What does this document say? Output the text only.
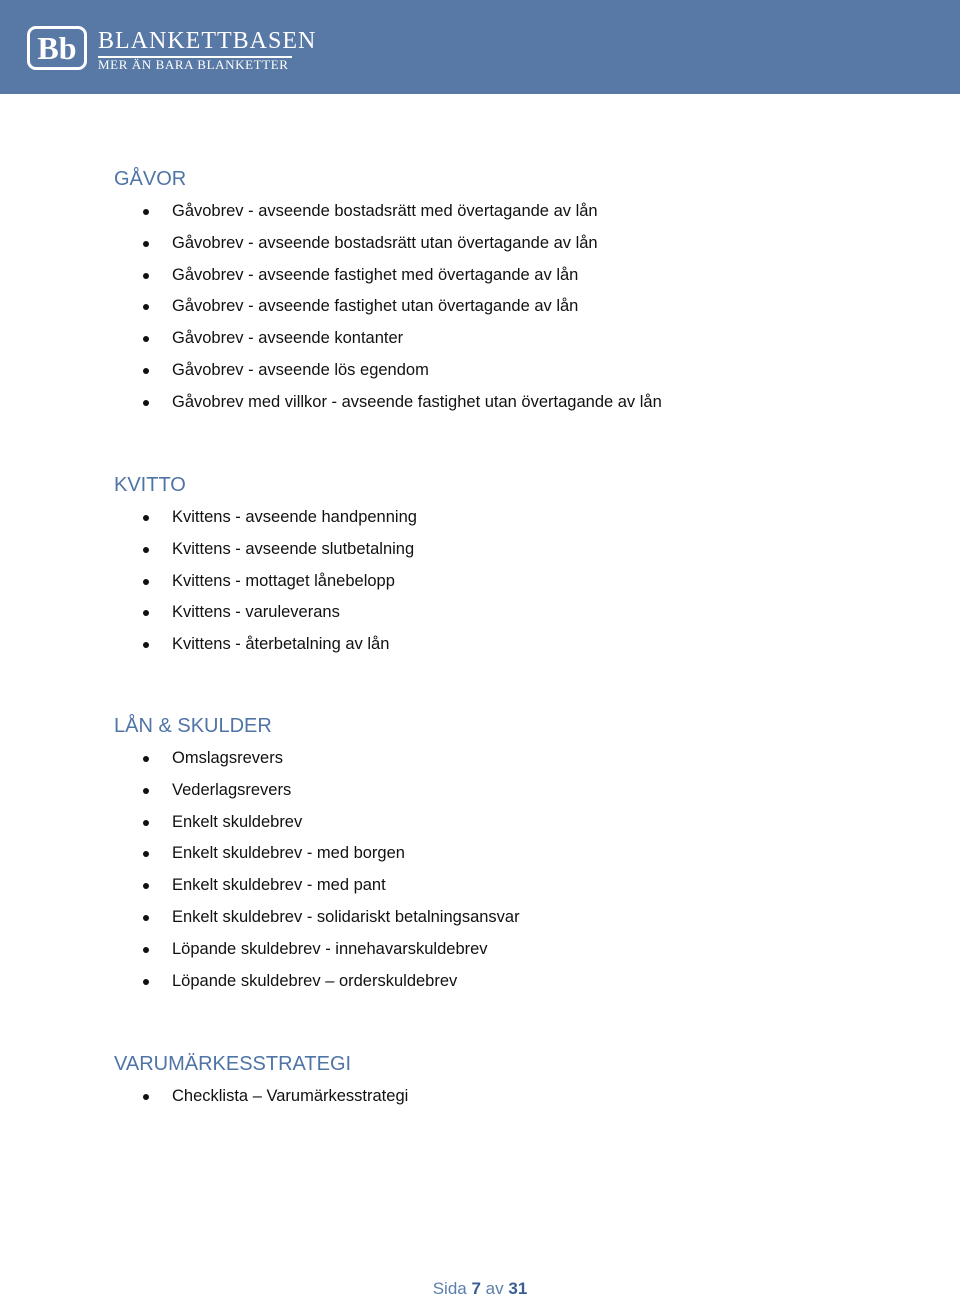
Bb BLANKETTBASEN
MER ÄN BARA BLANKETTER
GÅVOR
Gåvobrev - avseende bostadsrätt med övertagande av lån
Gåvobrev - avseende bostadsrätt utan övertagande av lån
Gåvobrev - avseende fastighet med övertagande av lån
Gåvobrev - avseende fastighet utan övertagande av lån
Gåvobrev - avseende kontanter
Gåvobrev - avseende lös egendom
Gåvobrev med villkor - avseende fastighet utan övertagande av lån
KVITTO
Kvittens - avseende handpenning
Kvittens - avseende slutbetalning
Kvittens - mottaget lånebelopp
Kvittens - varuleverans
Kvittens - återbetalning av lån
LÅN & SKULDER
Omslagsrevers
Vederlagsrevers
Enkelt skuldebrev
Enkelt skuldebrev - med borgen
Enkelt skuldebrev - med pant
Enkelt skuldebrev - solidariskt betalningsansvar
Löpande skuldebrev - innehavarskuldebrev
Löpande skuldebrev – orderskuldebrev
VARUMÄRKESSTRATEGI
Checklista – Varumärkesstrategi
Sida 7 av 31
